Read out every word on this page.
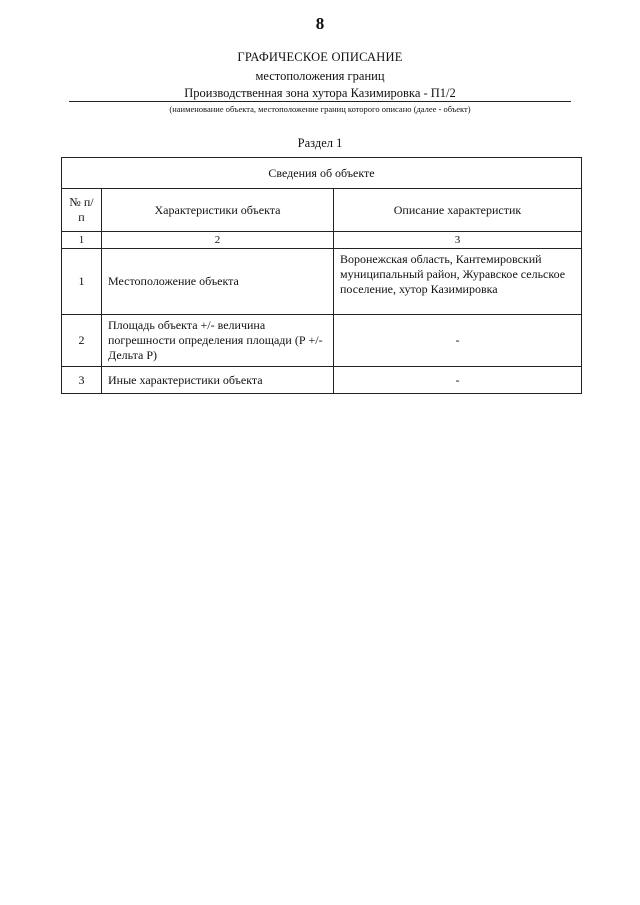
8
ГРАФИЧЕСКОЕ ОПИСАНИЕ
местоположения границ
Производственная зона хутора Казимировка - П1/2
(наименование объекта, местоположение границ которого описано (далее - объект)
Раздел 1
Сведения об объекте		
№ п/п	Характеристики объекта	Описание характеристик
1	2	3
1	Местоположение объекта	Воронежская область, Кантемировский муниципальный район, Журавское сельское поселение, хутор Казимировка
2	Площадь объекта +/- величина погрешности определения площади (Р +/- Дельта Р)	-
3	Иные характеристики объекта	-
